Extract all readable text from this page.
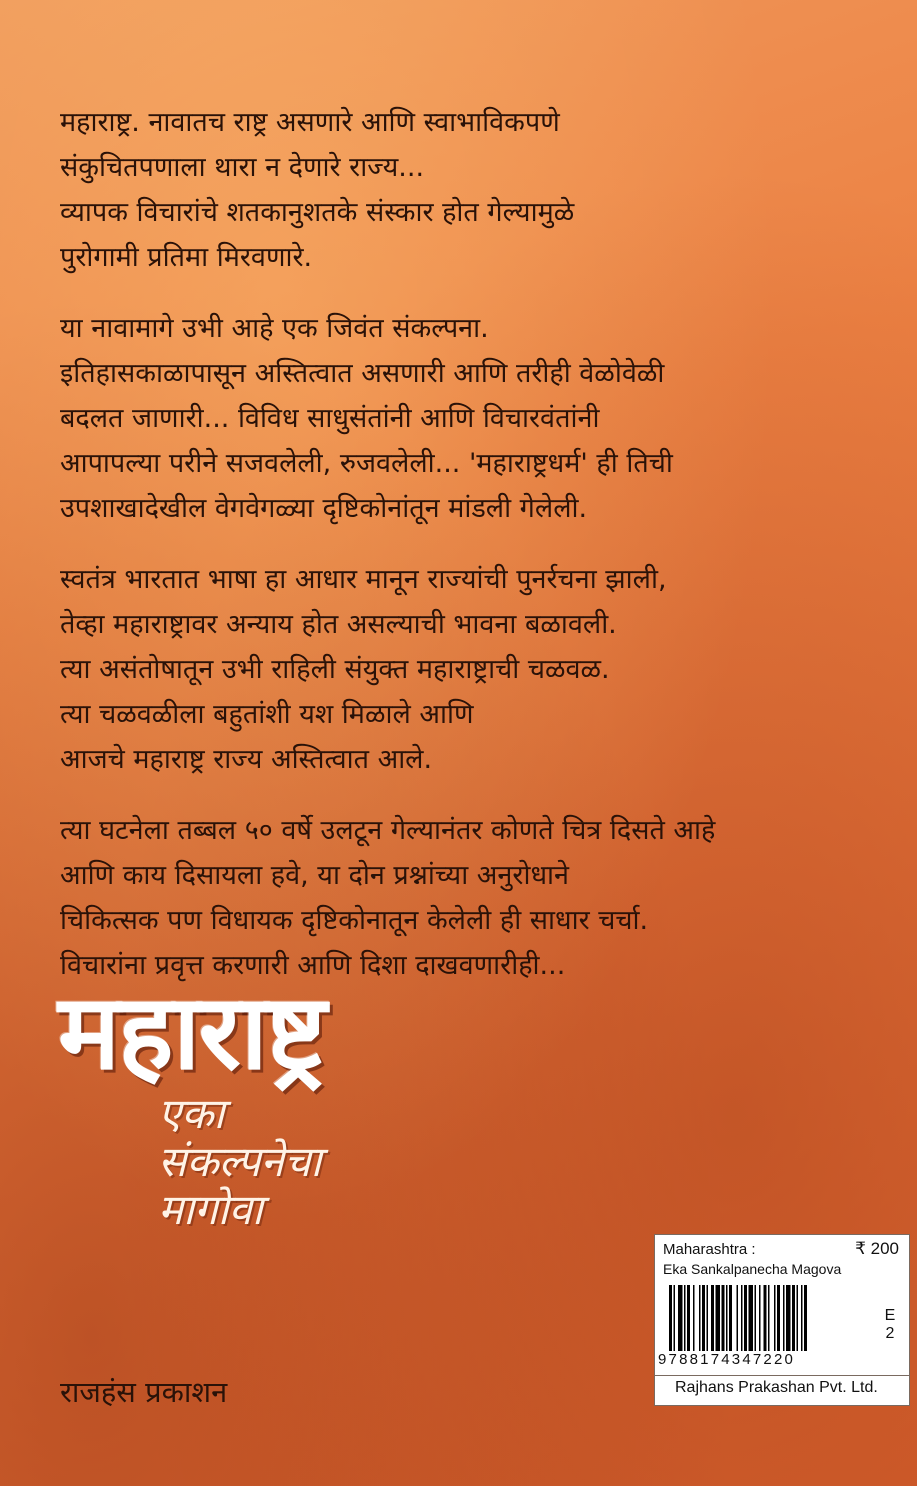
महाराष्ट्र. नावातच राष्ट्र असणारे आणि स्वाभाविकपणे
संकुचितपणाला थारा न देणारे राज्य...
व्यापक विचारांचे शतकानुशतके संस्कार होत गेल्यामुळे
पुरोगामी प्रतिमा मिरवणारे.
या नावामागे उभी आहे एक जिवंत संकल्पना.
इतिहासकाळापासून अस्तित्वात असणारी आणि तरीही वेळोवेळी
बदलत जाणारी... विविध साधुसंतांनी आणि विचारवंतांनी
आपापल्या परीने सजवलेली, रुजवलेली... 'महाराष्ट्रधर्म' ही तिची
उपशाखादेखील वेगवेगळ्या दृष्टिकोनांतून मांडली गेलेली.
स्वतंत्र भारतात भाषा हा आधार मानून राज्यांची पुनर्रचना झाली,
तेव्हा महाराष्ट्रावर अन्याय होत असल्याची भावना बळावली.
त्या असंतोषातून उभी राहिली संयुक्त महाराष्ट्राची चळवळ.
त्या चळवळीला बहुतांशी यश मिळाले आणि
आजचे महाराष्ट्र राज्य अस्तित्वात आले.
त्या घटनेला तब्बल ५० वर्षे उलटून गेल्यानंतर कोणते चित्र दिसते आहे
आणि काय दिसायला हवे, या दोन प्रश्नांच्या अनुरोधाने
चिकित्सक पण विधायक दृष्टिकोनातून केलेली ही साधार चर्चा.
विचारांना प्रवृत्त करणारी आणि दिशा दाखवणारीही...
महाराष्ट्र
एका
संकल्पनेचा
मागोवा
राजहंस प्रकाशन
Maharashtra :	₹ 200
Eka Sankalpanecha Magova
E
2
9788174347220
Rajhans Prakashan Pvt. Ltd.
